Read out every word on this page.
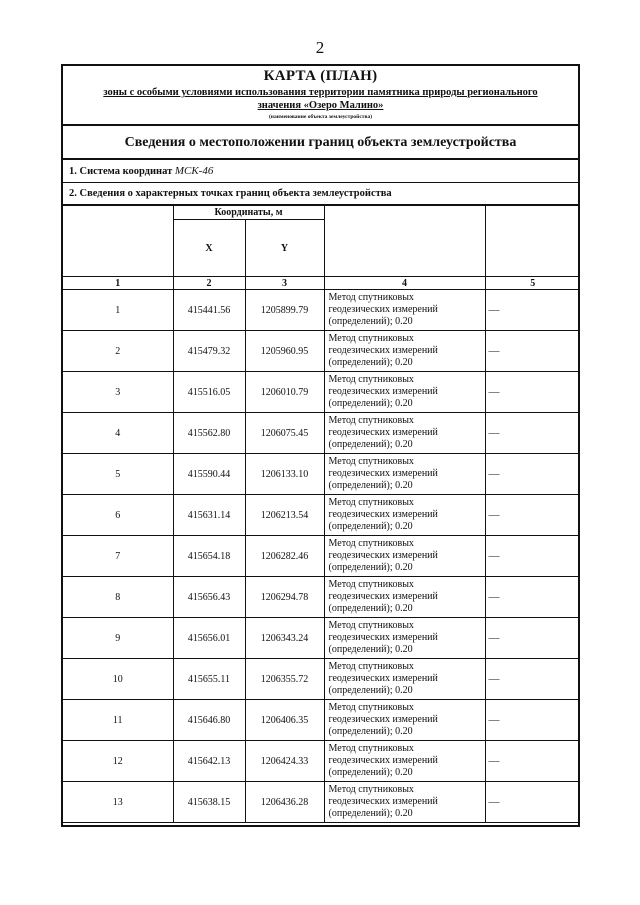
2
КАРТА (ПЛАН)
зоны с особыми условиями использования территории памятника природы регионального
значения «Озеро Малино»
(наименование объекта землеустройства)
Сведения о местоположении границ объекта землеустройства
1. Система координат МСК-46
2. Сведения о характерных точках границ объекта землеустройства
	Координаты, м			
	X	Y		
1	2	3	4	5
1	415441.56	1205899.79	Метод спутниковых
геодезических измерений
(определений); 0.20	—
2	415479.32	1205960.95	Метод спутниковых
геодезических измерений
(определений); 0.20	—
3	415516.05	1206010.79	Метод спутниковых
геодезических измерений
(определений); 0.20	—
4	415562.80	1206075.45	Метод спутниковых
геодезических измерений
(определений); 0.20	—
5	415590.44	1206133.10	Метод спутниковых
геодезических измерений
(определений); 0.20	—
6	415631.14	1206213.54	Метод спутниковых
геодезических измерений
(определений); 0.20	—
7	415654.18	1206282.46	Метод спутниковых
геодезических измерений
(определений); 0.20	—
8	415656.43	1206294.78	Метод спутниковых
геодезических измерений
(определений); 0.20	—
9	415656.01	1206343.24	Метод спутниковых
геодезических измерений
(определений); 0.20	—
10	415655.11	1206355.72	Метод спутниковых
геодезических измерений
(определений); 0.20	—
11	415646.80	1206406.35	Метод спутниковых
геодезических измерений
(определений); 0.20	—
12	415642.13	1206424.33	Метод спутниковых
геодезических измерений
(определений); 0.20	—
13	415638.15	1206436.28	Метод спутниковых
геодезических измерений
(определений); 0.20	—
